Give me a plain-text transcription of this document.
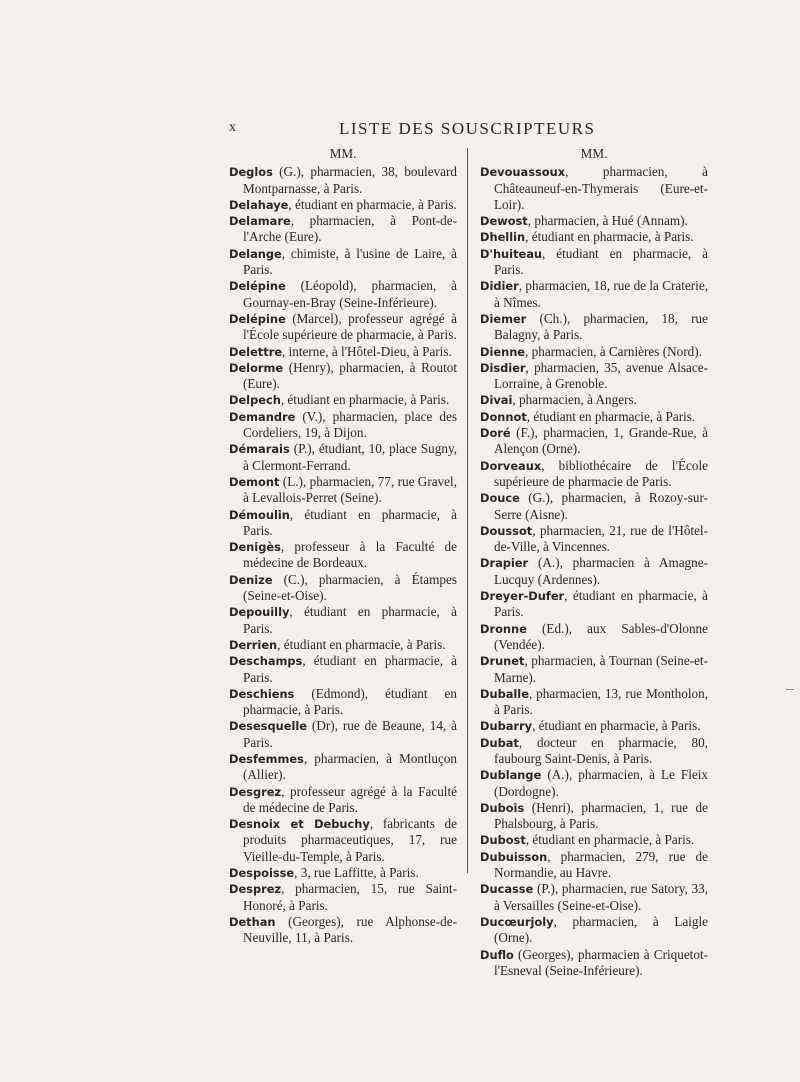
x	LISTE DES SOUSCRIPTEURS
MM.

Deglos (G.), pharmacien, 38, boulevard Montparnasse, à Paris.

Delahaye, étudiant en pharmacie, à Paris.

Delamare, pharmacien, à Pont-de-l'Arche (Eure).

Delange, chimiste, à l'usine de Laire, à Paris.

Delépine (Léopold), pharmacien, à Gournay-en-Bray (Seine-Inférieure).

Delépine (Marcel), professeur agrégé à l'École supérieure de pharmacie, à Paris.

Delettre, interne, à l'Hôtel-Dieu, à Paris.

Delorme (Henry), pharmacien, à Routot (Eure).

Delpech, étudiant en pharmacie, à Paris.

Demandre (V.), pharmacien, place des Cordeliers, 19, à Dijon.

Démarais (P.), étudiant, 10, place Sugny, à Clermont-Ferrand.

Demont (L.), pharmacien, 77, rue Gravel, à Levallois-Perret (Seine).

Démoulin, étudiant en pharmacie, à Paris.

Denigès, professeur à la Faculté de médecine de Bordeaux.

Denize (C.), pharmacien, à Étampes (Seine-et-Oise).

Depouilly, étudiant en pharmacie, à Paris.

Derrien, étudiant en pharmacie, à Paris.

Deschamps, étudiant en pharmacie, à Paris.

Deschiens (Edmond), étudiant en pharmacie, à Paris.

Desesquelle (Dr), rue de Beaune, 14, à Paris.

Desfemmes, pharmacien, à Montluçon (Allier).

Desgrez, professeur agrégé à la Faculté de médecine de Paris.

Desnoix et Debuchy, fabricants de produits pharmaceutiques, 17, rue Vieille-du-Temple, à Paris.

Despoisse, 3, rue Laffitte, à Paris.

Desprez, pharmacien, 15, rue Saint-Honoré, à Paris.

Dethan (Georges), rue Alphonse-de-Neuville, 11, à Paris.

MM.

Devouassoux, pharmacien, à Châteauneuf-en-Thymerais (Eure-et-Loir).

Dewost, pharmacien, à Hué (Annam).

Dhellin, étudiant en pharmacie, à Paris.

D'huiteau, étudiant en pharmacie, à Paris.

Didier, pharmacien, 18, rue de la Craterie, à Nîmes.

Diemer (Ch.), pharmacien, 18, rue Balagny, à Paris.

Dienne, pharmacien, à Carnières (Nord).

Disdier, pharmacien, 35, avenue Alsace-Lorraine, à Grenoble.

Divai, pharmacien, à Angers.

Donnot, étudiant en pharmacie, à Paris.

Doré (F.), pharmacien, 1, Grande-Rue, à Alençon (Orne).

Dorveaux, bibliothécaire de l'École supérieure de pharmacie de Paris.

Douce (G.), pharmacien, à Rozoy-sur-Serre (Aisne).

Doussot, pharmacien, 21, rue de l'Hôtel-de-Ville, à Vincennes.

Drapier (A.), pharmacien à Amagne-Lucquy (Ardennes).

Dreyer-Dufer, étudiant en pharmacie, à Paris.

Dronne (Ed.), aux Sables-d'Olonne (Vendée).

Drunet, pharmacien, à Tournan (Seine-et-Marne).

Duballe, pharmacien, 13, rue Montholon, à Paris.

Dubarry, étudiant en pharmacie, à Paris.

Dubat, docteur en pharmacie, 80, faubourg Saint-Denis, à Paris.

Dublange (A.), pharmacien, à Le Fleix (Dordogne).

Dubois (Henri), pharmacien, 1, rue de Phalsbourg, à Paris.

Dubost, étudiant en pharmacie, à Paris.

Dubuisson, pharmacien, 279, rue de Normandie, au Havre.

Ducasse (P.), pharmacien, rue Satory, 33, à Versailles (Seine-et-Oise).

Ducœurjoly, pharmacien, à Laigle (Orne).

Duflo (Georges), pharmacien à Criquetot-l'Esneval (Seine-Inférieure).
